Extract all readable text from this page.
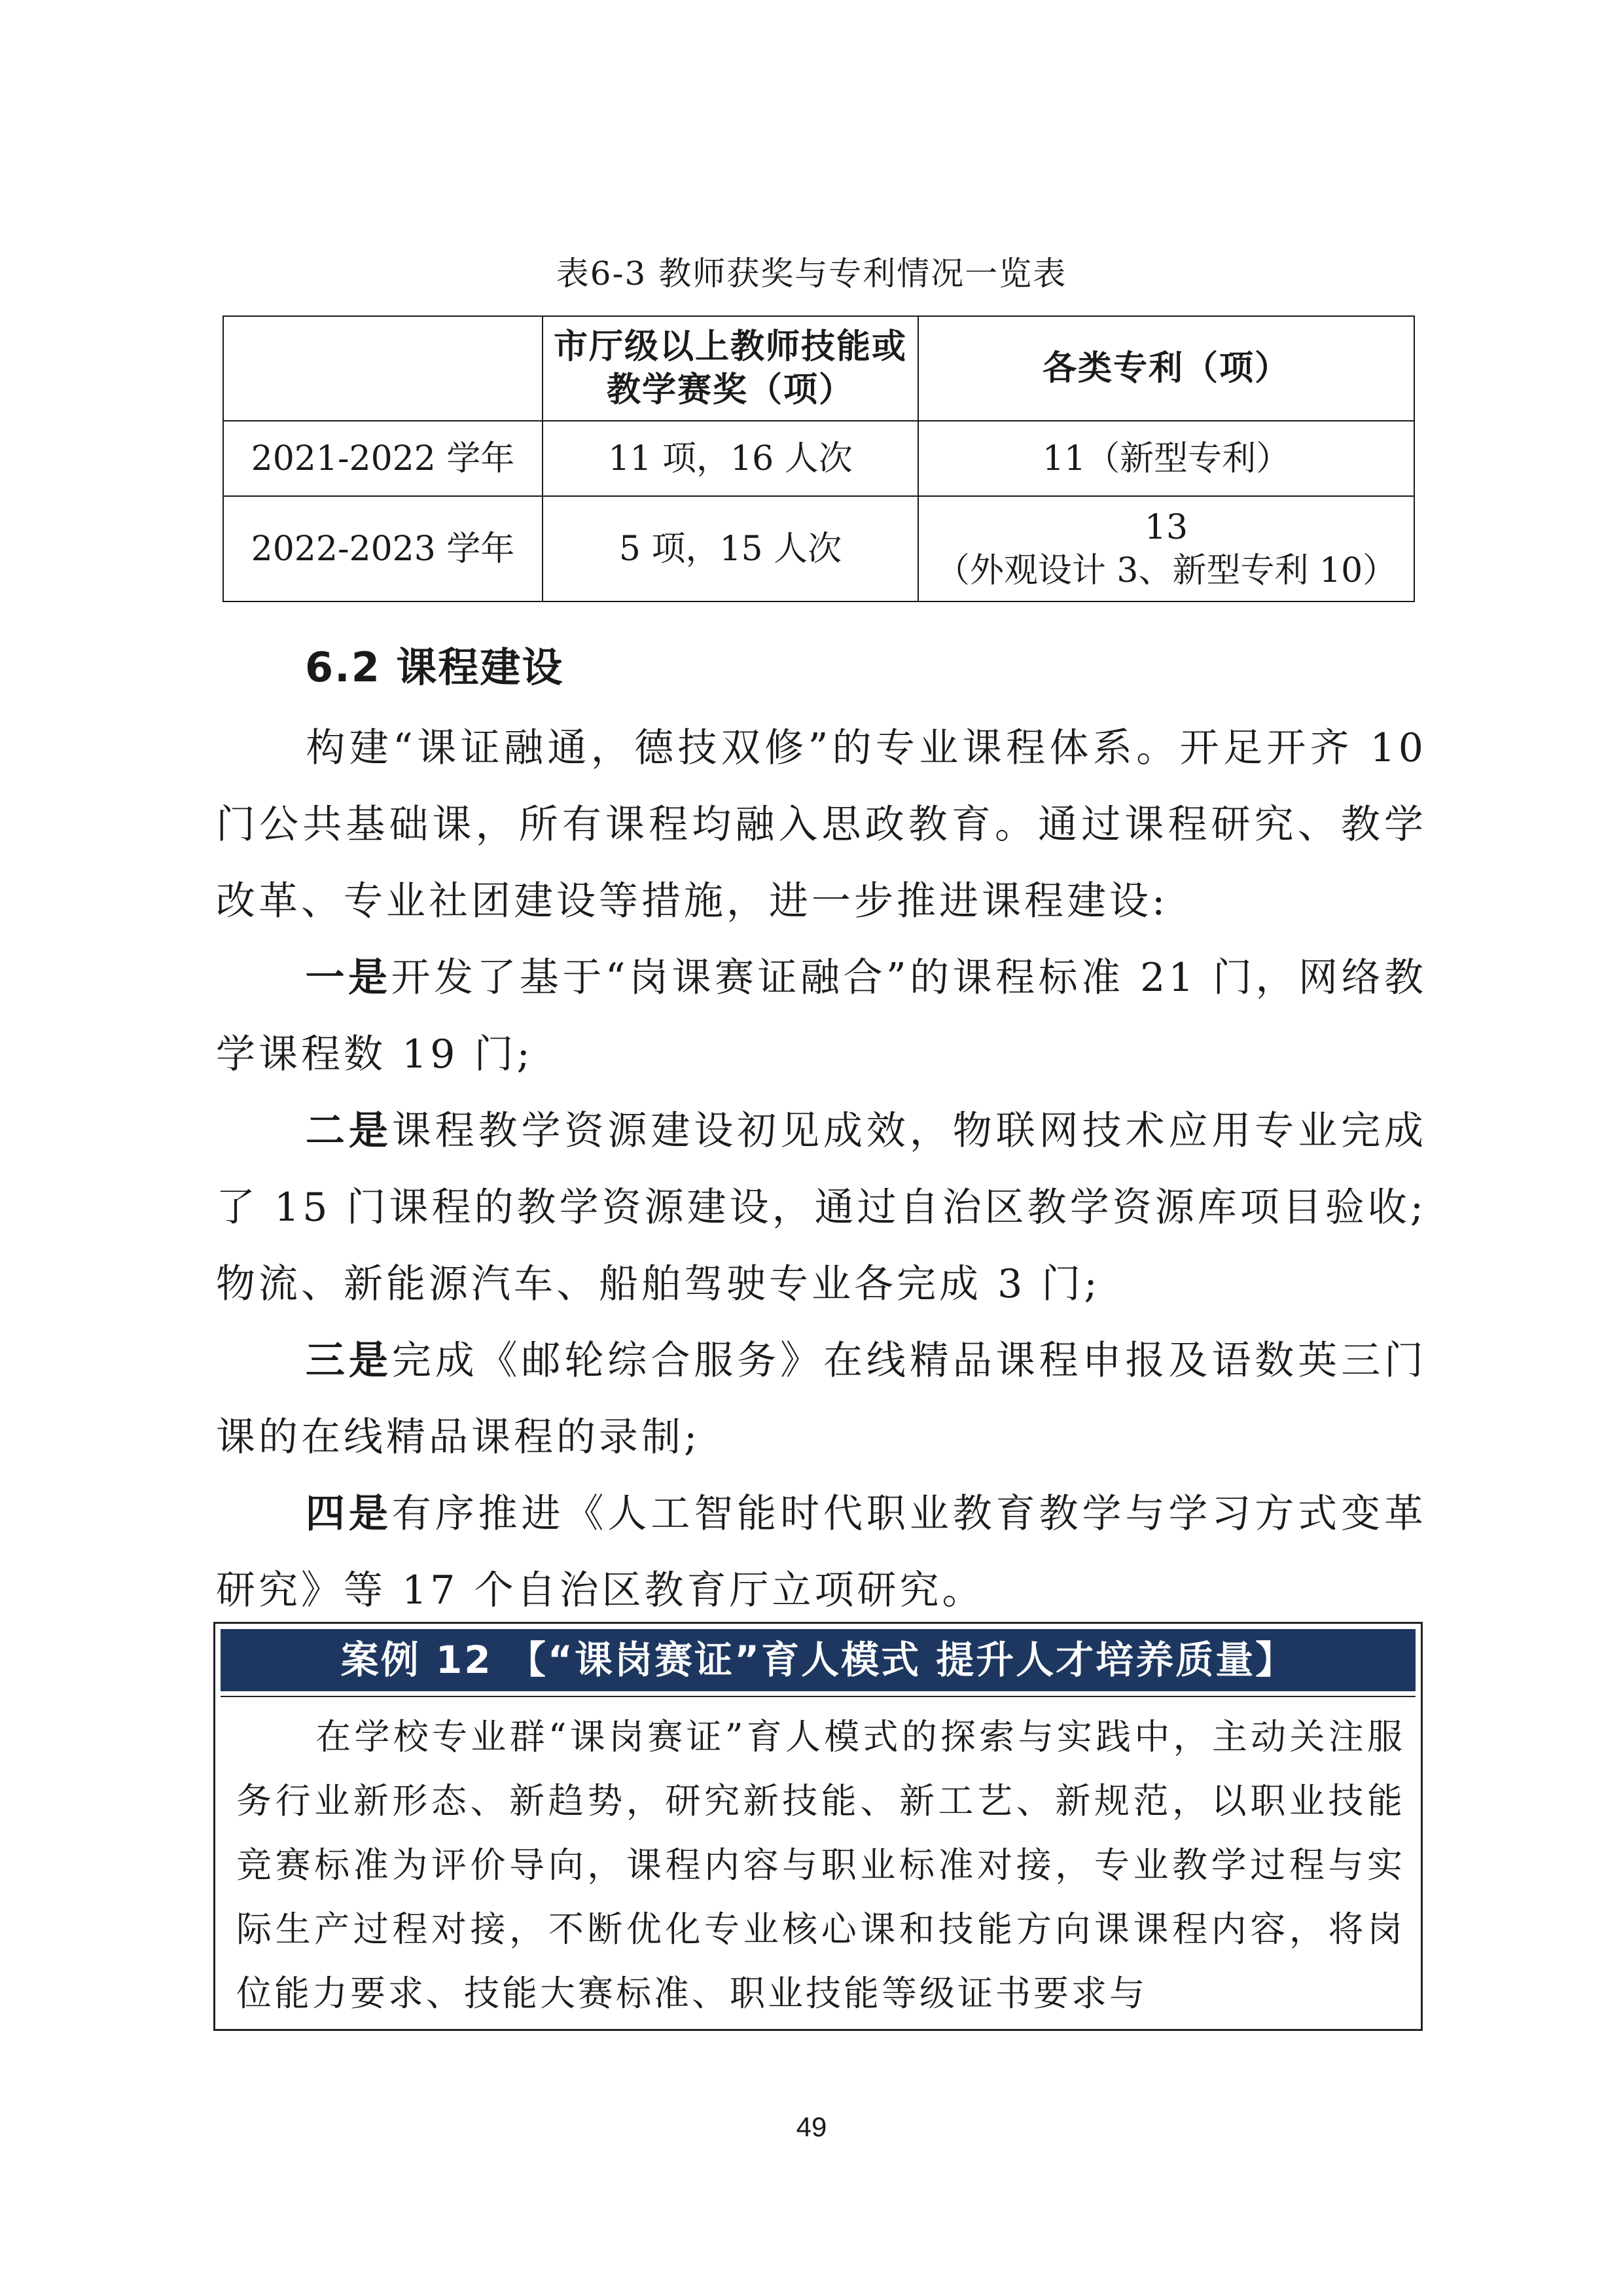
表6-3 教师获奖与专利情况一览表
	市厅级以上教师技能或教学赛奖（项）	各类专利（项）
2021-2022 学年	11 项，16 人次	11（新型专利）

2022-2023 学年	5 项，15 人次	13
（外观设计 3、新型专利 10）
6.2 课程建设

构建“课证融通，德技双修”的专业课程体系。开足开齐 10 门公共基础课，所有课程均融入思政教育。通过课程研究、教学改革、专业社团建设等措施，进一步推进课程建设:

一是开发了基于“岗课赛证融合”的课程标准 21 门，网络教学课程数 19 门;

二是课程教学资源建设初见成效，物联网技术应用专业完成了 15 门课程的教学资源建设，通过自治区教学资源库项目验收;物流、新能源汽车、船舶驾驶专业各完成 3 门;

三是完成《邮轮综合服务》在线精品课程申报及语数英三门课的在线精品课程的录制;

四是有序推进《人工智能时代职业教育教学与学习方式变革研究》等 17 个自治区教育厅立项研究。

案例 12 【“课岗赛证”育人模式 提升人才培养质量】

在学校专业群“课岗赛证”育人模式的探索与实践中，主动关注服务行业新形态、新趋势，研究新技能、新工艺、新规范，以职业技能竞赛标准为评价导向，课程内容与职业标准对接，专业教学过程与实际生产过程对接，不断优化专业核心课和技能方向课课程内容，将岗位能力要求、技能大赛标准、职业技能等级证书要求与

49
